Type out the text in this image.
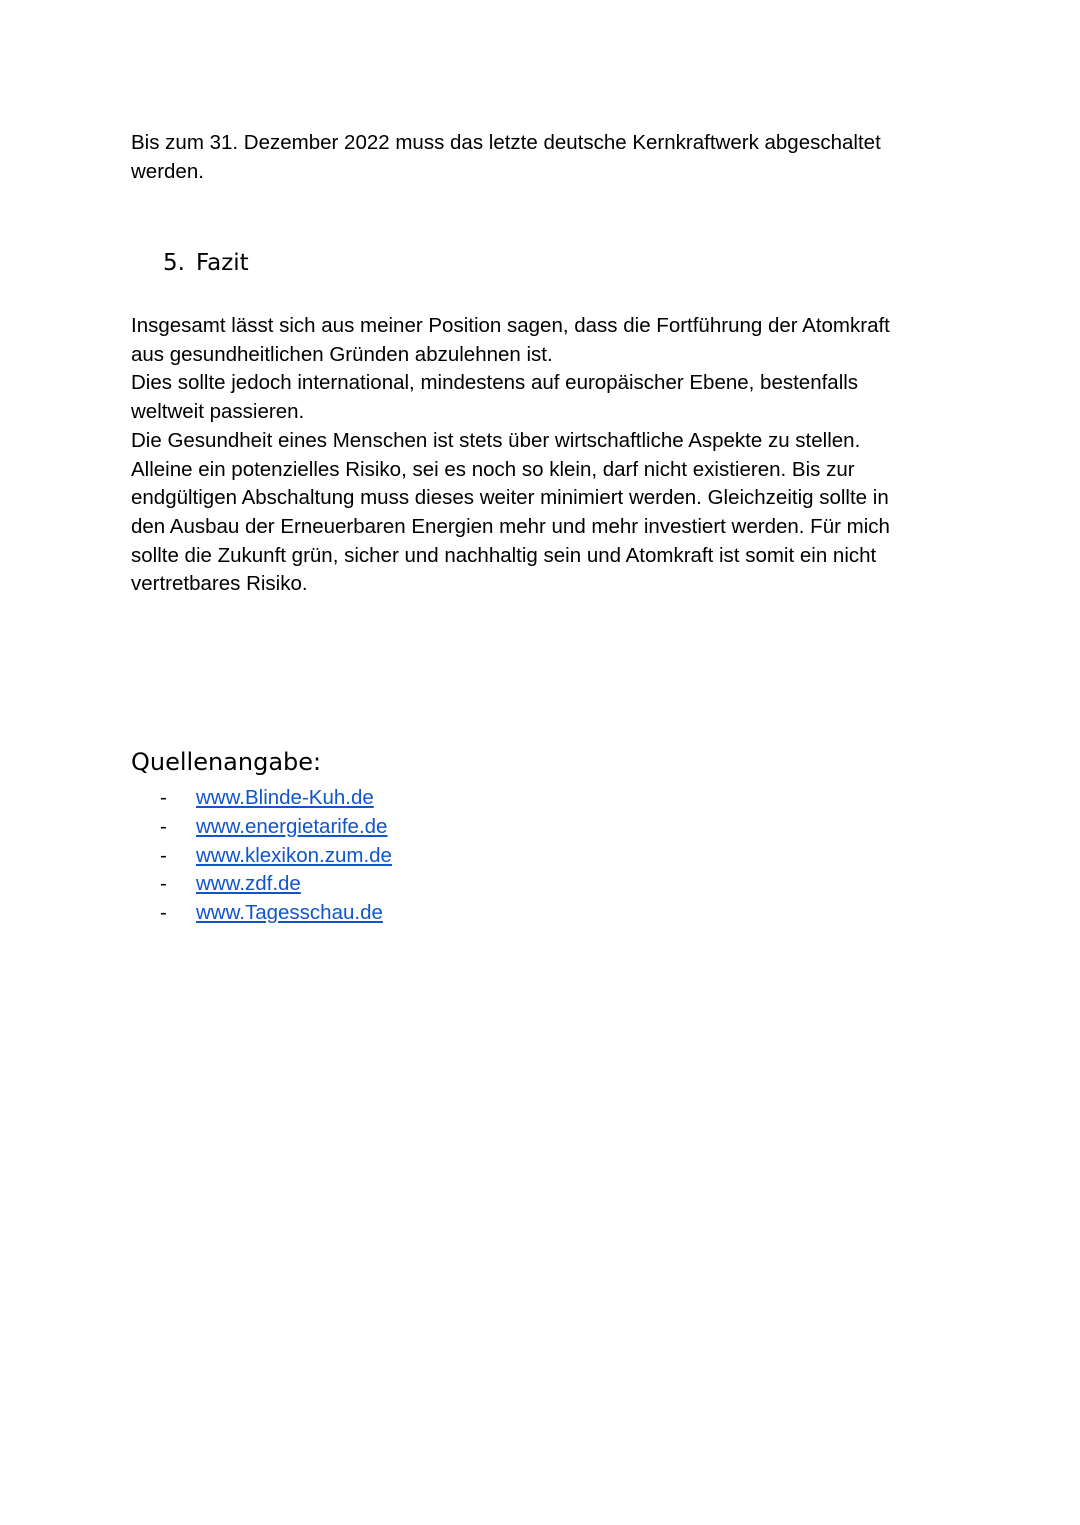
Bis zum 31. Dezember 2022 muss das letzte deutsche Kernkraftwerk abgeschaltet
werden.

5. Fazit

Insgesamt lässt sich aus meiner Position sagen, dass die Fortführung der Atomkraft
aus gesundheitlichen Gründen abzulehnen ist.
Dies sollte jedoch international, mindestens auf europäischer Ebene, bestenfalls
weltweit passieren.
Die Gesundheit eines Menschen ist stets über wirtschaftliche Aspekte zu stellen.
Alleine ein potenzielles Risiko, sei es noch so klein, darf nicht existieren. Bis zur
endgültigen Abschaltung muss dieses weiter minimiert werden. Gleichzeitig sollte in
den Ausbau der Erneuerbaren Energien mehr und mehr investiert werden. Für mich
sollte die Zukunft grün, sicher und nachhaltig sein und Atomkraft ist somit ein nicht
vertretbares Risiko.

Quellenangabe:
- www.Blinde-Kuh.de
- www.energietarife.de
- www.klexikon.zum.de
- www.zdf.de
- www.Tagesschau.de
